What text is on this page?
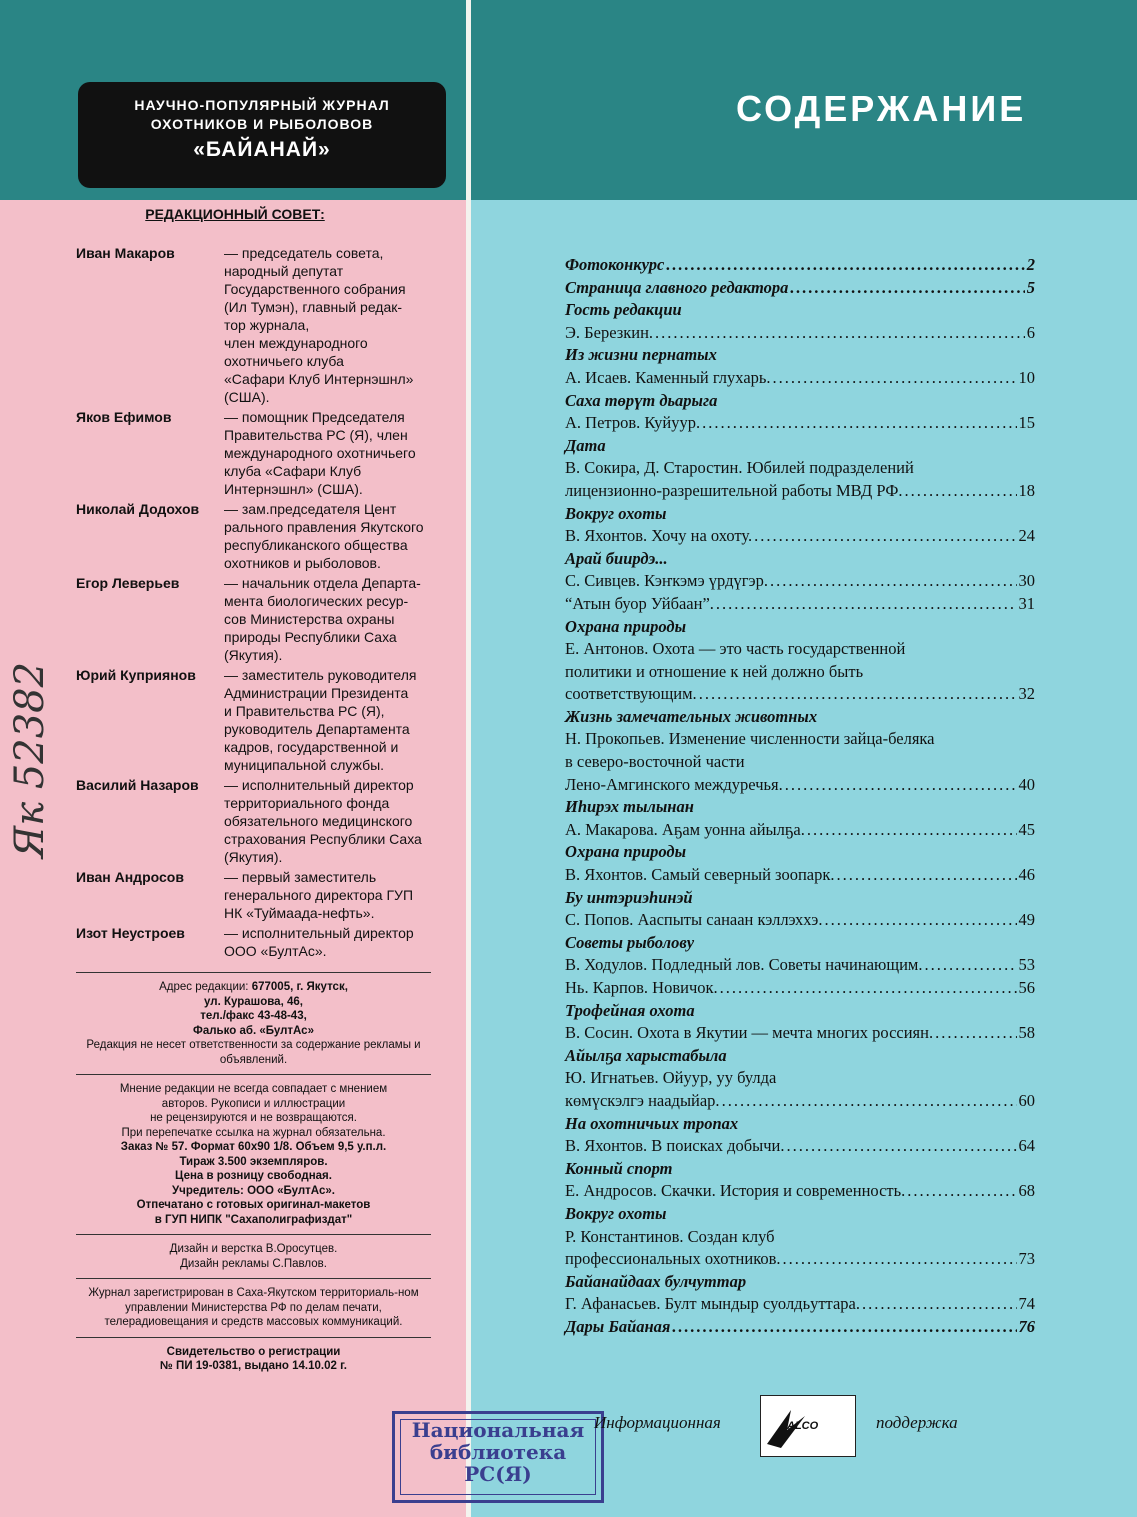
НАУЧНО-ПОПУЛЯРНЫЙ ЖУРНАЛ
ОХОТНИКОВ И РЫБОЛОВОВ
«БАЙАНАЙ»
СОДЕРЖАНИЕ
РЕДАКЦИОННЫЙ СОВЕТ:
Иван Макаров	— председатель совета,
народный депутат
Государственного собрания
(Ил Тумэн), главный редак-
тор журнала,
член международного
охотничьего клуба
«Сафари Клуб Интернэшнл»
(США).
Яков Ефимов	— помощник Председателя
Правительства РС (Я), член
международного охотничьего
клуба «Сафари Клуб
Интернэшнл» (США).
Николай Додохов	— зам.председателя Цент
рального правления Якутского
республиканского общества
охотников и рыболовов.
Егор Леверьев	— начальник отдела Департа-
мента биологических ресур-
сов Министерства охраны
природы Республики Саха
(Якутия).
Юрий Куприянов	— заместитель руководителя
Администрации Президента
и Правительства РС (Я),
руководитель Департамента
кадров, государственной и
муниципальной службы.
Василий Назаров	— исполнительный директор
территориального фонда
обязательного медицинского
страхования Республики Саха
(Якутия).
Иван Андросов	— первый заместитель
генерального директора ГУП
НК «Туймаада-нефть».
Изот Неустроев	— исполнительный директор
ООО «БултАс».

Адрес редакции: 677005, г. Якутск,

ул. Курашова, 46,

тел./факс 43-48-43,

Фалько аб. «БултАс»

Редакция не несет ответственности за содержание рекламы и объявлений.

Мнение редакции не всегда совпадает с мнением

авторов. Рукописи и иллюстрации

не рецензируются и не возвращаются.

При перепечатке ссылка на журнал обязательна.

Заказ № 57. Формат 60х90 1/8. Объем 9,5 у.п.л.

Тираж 3.500 экземпляров.

Цена в розницу свободная.

Учредитель: ООО «БултАс».

Отпечатано с готовых оригинал-макетов

в ГУП НИПК "Сахаполиграфиздат"

Дизайн и верстка В.Оросутцев.

Дизайн рекламы С.Павлов.

Журнал зарегистрирован в Саха-Якутском территориаль-ном управлении Министерства РФ по делам печати, телерадиовещания и средств массовых коммуникаций.

Свидетельство о регистрации

№ ПИ 19-0381, выдано 14.10.02 г.

Фотоконкурс .....	2
Страница главного редактора .....	5
Гость редакции
Э. Березкин. .....	6
Из жизни пернатых
А. Исаев. Каменный глухарь. .....	10
Саха төрүт дьарыга
А. Петров. Куйуур. .....	15
Дата
В. Сокира, Д. Старостин. Юбилей подразделений
лицензионно-разрешительной работы МВД РФ. .....	18
Вокруг охоты
В. Яхонтов. Хочу на охоту. .....	24
Арай биирдэ...
С. Сивцев. Кэҥкэмэ үрдүгэр. .....	30
“Атын буор Уйбаан”. .....	31
Охрана природы
Е. Антонов. Охота — это часть государственной
политики и отношение к ней должно быть
соответствующим. .....	32
Жизнь замечательных животных
Н. Прокопьев. Изменение численности зайца-беляка
в северо-восточной части
Лено-Амгинского междуречья. .....	40
Иһирэх тылынан
А. Макарова. Аҕам уонна айылҕа. .....	45
Охрана природы
В. Яхонтов. Самый северный зоопарк. .....	46
Бу интэриэһинэй
С. Попов. Ааспыты санаан кэллэххэ. .....	49
Советы рыболову
В. Ходулов. Подледный лов. Советы начинающим. .....	53
Нь. Карпов. Новичок. .....	56
Трофейная охота
В. Сосин. Охота в Якутии — мечта многих россиян. .....	58
Айылҕа харыстабыла
Ю. Игнатьев. Ойуур, уу булда
көмүскэлгэ наадыйар. .....	60
На охотничьих тропах
В. Яхонтов. В поисках добычи. .....	64
Конный спорт
Е. Андросов. Скачки. История и современность. .....	68
Вокруг охоты
Р. Константинов. Создан клуб
профессиональных охотников. .....	73
Байанайдаах булчуттар
Г. Афанасьев. Булт мындыр суолдьуттара. .....	74
Дары Байаная .....	76
Як 52382
Национальная
библиотека
РС(Я)
Информационная	ALCO	поддержка
